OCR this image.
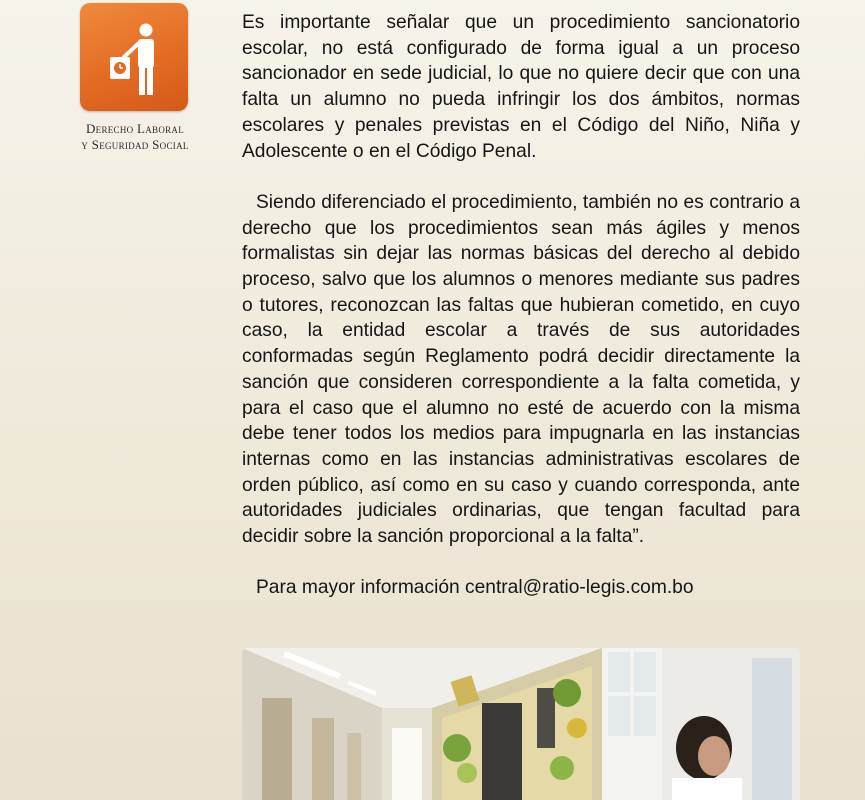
Derecho Laboral
y Seguridad Social

Es importante señalar que un procedimiento sancionatorio escolar, no está configurado de forma igual a un proceso sancionador en sede judicial, lo que no quiere decir que con una falta un alumno no pueda infringir los dos ámbitos, normas escolares y penales previstas en el Código del Niño, Niña y Adolescente o en el Código Penal.

Siendo diferenciado el procedimiento, también no es contrario a derecho que los procedimientos sean más ágiles y menos formalistas sin dejar las normas básicas del derecho al debido proceso, salvo que los alumnos o menores mediante sus padres o tutores, reconozcan las faltas que hubieran cometido, en cuyo caso, la entidad escolar a través de sus autoridades conformadas según Reglamento podrá decidir directamente la sanción que consideren correspondiente a la falta cometida, y para el caso que el alumno no esté de acuerdo con la misma debe tener todos los medios para impugnarla en las instancias internas como en las instancias administrativas escolares de orden público, así como en su caso y cuando corresponda, ante autoridades judiciales ordinarias, que tengan facultad para decidir sobre la sanción proporcional a la falta”.

Para mayor información central@ratio-legis.com.bo
